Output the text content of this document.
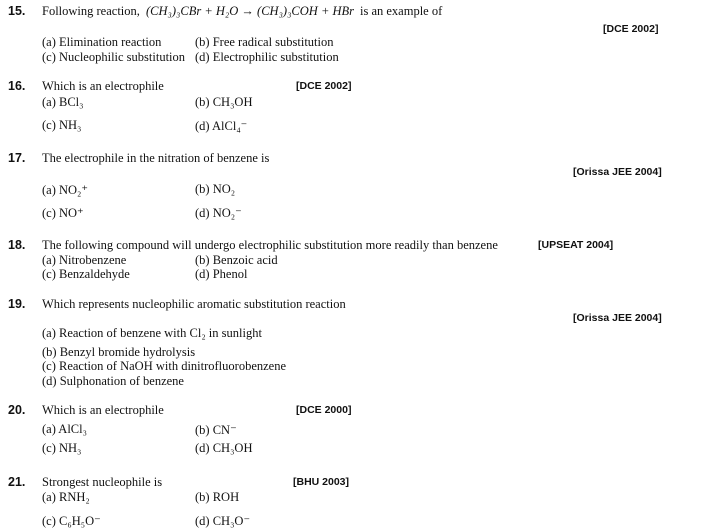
15. Following reaction, (CH₃)₃CBr + H₂O → (CH₃)₃COH + HBr is an example of
[DCE 2002]
(a) Elimination reaction	(b) Free radical substitution
(c) Nucleophilic substitution (d) Electrophilic substitution
16. Which is an electrophile	[DCE 2002]
(a) BCl₃	(b) CH₃OH
(c) NH₃	(d) AlCl₄⁻
17. The electrophile in the nitration of benzene is
[Orissa JEE 2004]
(a) NO₂⁺	(b) NO₂
(c) NO⁺	(d) NO₂⁻
18. The following compound will undergo electrophilic substitution more readily than benzene	[UPSEAT 2004]
(a) Nitrobenzene	(b) Benzoic acid
(c) Benzaldehyde	(d) Phenol
19. Which represents nucleophilic aromatic substitution reaction
[Orissa JEE 2004]
(a) Reaction of benzene with Cl₂ in sunlight
(b) Benzyl bromide hydrolysis
(c) Reaction of NaOH with dinitrofluorobenzene
(d) Sulphonation of benzene
20. Which is an electrophile	[DCE 2000]
(a) AlCl₃	(b) CN⁻
(c) NH₃	(d) CH₃OH
21. Strongest nucleophile is	[BHU 2003]
(a) RNH₂	(b) ROH
(c) C₆H₅O⁻	(d) CH₃O⁻
